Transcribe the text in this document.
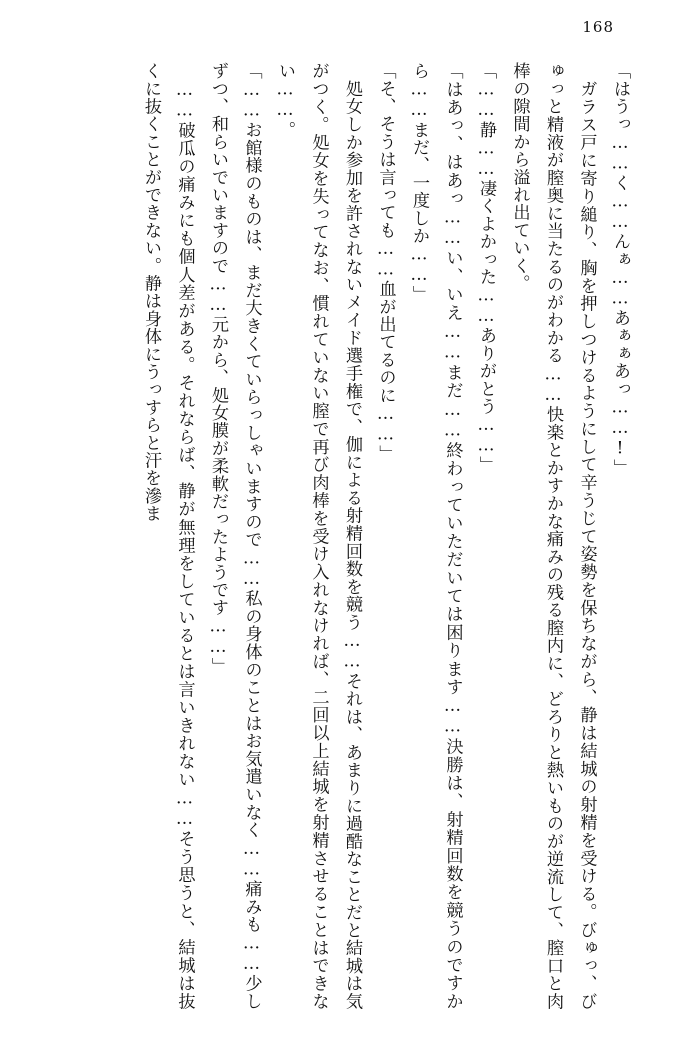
168
「はうっ……く……んぁ……あぁぁあっ……!」
　ガラス戸に寄り縋り、胸を押しつけるようにして辛うじて姿勢を保ちながら、静は結城の射精を受ける。びゅっ、びゅっと精液が膣奥に当たるのがわかる……快楽とかすかな痛みの残る膣内に、どろりと熱いものが逆流して、膣口と肉棒の隙間から溢れ出ていく。
「……静……凄くよかった……ありがとう……」
「はあっ、はあっ……い、いえ……まだ……終わっていただいては困ります……決勝は、射精回数を競うのですから……まだ、一度しか……」
「そ、そうは言っても……血が出てるのに……」
　処女しか参加を許されないメイド選手権で、伽による射精回数を競う……それは、あまりに過酷なことだと結城は気がつく。処女を失ってなお、慣れていない膣で再び肉棒を受け入れなければ、二回以上結城を射精させることはできない……。
「……お館様のものは、まだ大きくていらっしゃいますので……私の身体のことはお気遣いなく……痛みも……少しずつ、和らいでいますので……元から、処女膜が柔軟だったようです……」
　……破瓜の痛みにも個人差がある。それならば、静が無理をしているとは言いきれない……そう思うと、結城は抜くに抜くことができない。静は身体にうっすらと汗を滲ま
